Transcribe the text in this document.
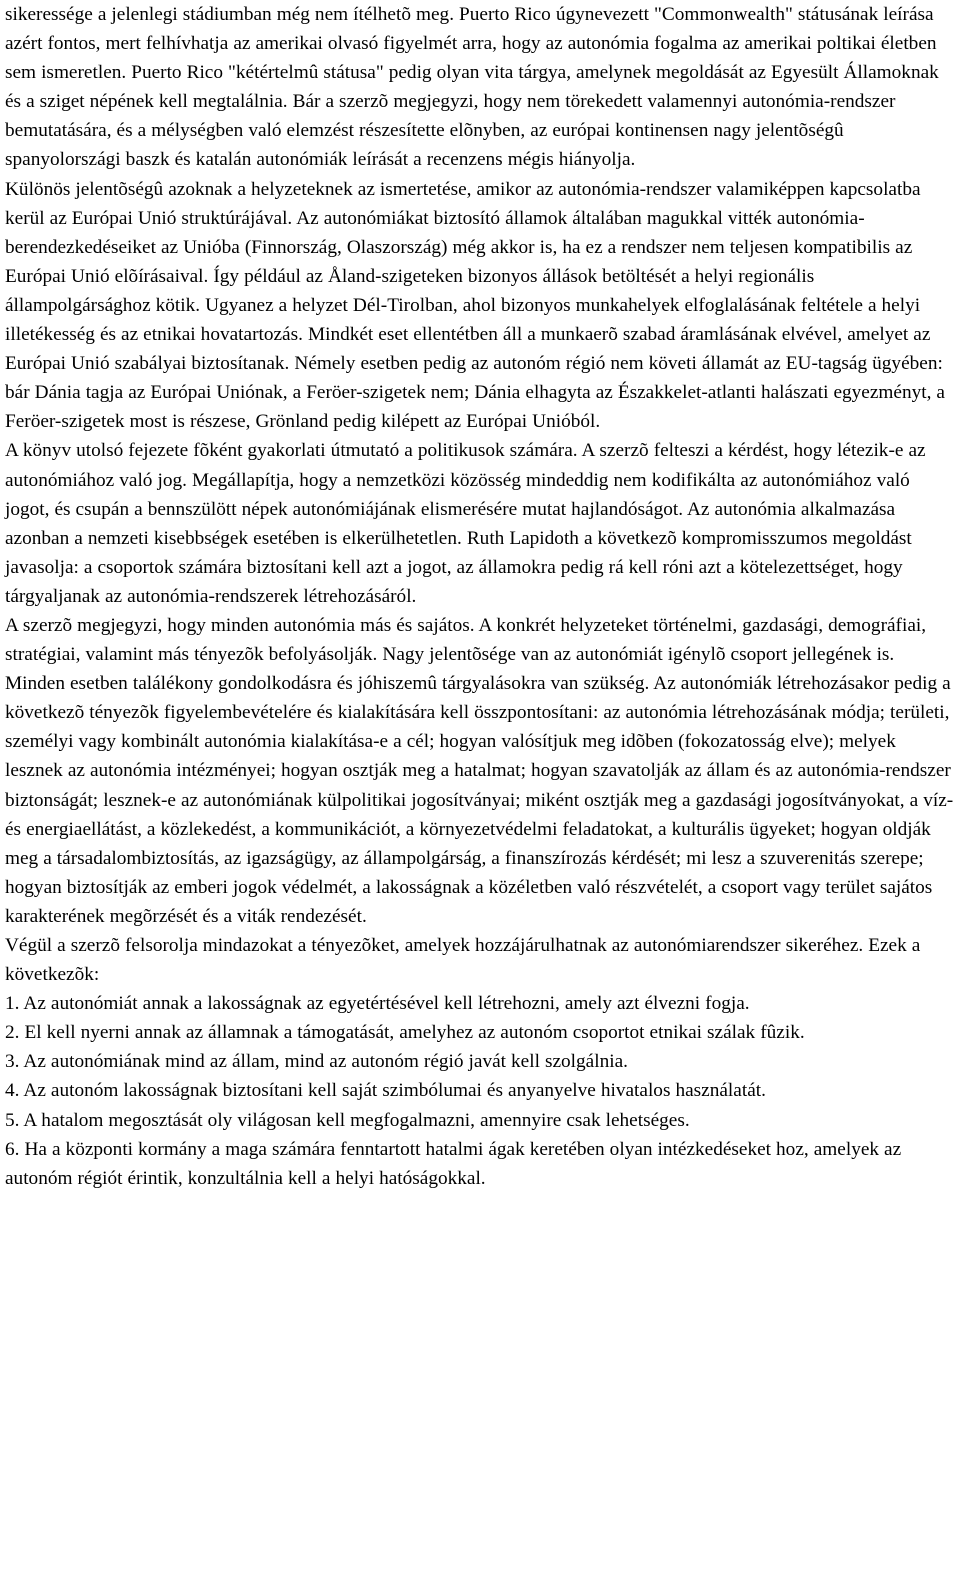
sikeressége a jelenlegi stádiumban még nem ítélhetõ meg. Puerto Rico úgynevezett "Commonwealth" státusának leírása azért fontos, mert felhívhatja az amerikai olvasó figyelmét arra, hogy az autonómia fogalma az amerikai poltikai életben sem ismeretlen. Puerto Rico "kétértelmû státusa" pedig olyan vita tárgya, amelynek megoldását az Egyesült Államoknak és a sziget népének kell megtalálnia. Bár a szerzõ megjegyzi, hogy nem törekedett valamennyi autonómia-rendszer bemutatására, és a mélységben való elemzést részesítette elõnyben, az európai kontinensen nagy jelentõségû spanyolországi baszk és katalán autonómiák leírását a recenzens mégis hiányolja.

Különös jelentõségû azoknak a helyzeteknek az ismertetése, amikor az autonómia-rendszer valamiképpen kapcsolatba kerül az Európai Unió struktúrájával. Az autonómiákat biztosító államok általában magukkal vitték autonómia-berendezkedéseiket az Unióba (Finnország, Olaszország) még akkor is, ha ez a rendszer nem teljesen kompatibilis az Európai Unió elõírásaival. Így például az Åland-szigeteken bizonyos állások betöltését a helyi regionális állampolgársághoz kötik. Ugyanez a helyzet Dél-Tirolban, ahol bizonyos munkahelyek elfoglalásának feltétele a helyi illetékesség és az etnikai hovatartozás. Mindkét eset ellentétben áll a munkaerõ szabad áramlásának elvével, amelyet az Európai Unió szabályai biztosítanak. Némely esetben pedig az autonóm régió nem követi államát az EU-tagság ügyében: bár Dánia tagja az Európai Uniónak, a Feröer-szigetek nem; Dánia elhagyta az Északkelet-atlanti halászati egyezményt, a Feröer-szigetek most is részese, Grönland pedig kilépett az Európai Unióból.

A könyv utolsó fejezete fõként gyakorlati útmutató a politikusok számára. A szerzõ felteszi a kérdést, hogy létezik-e az autonómiához való jog. Megállapítja, hogy a nemzetközi közösség mindeddig nem kodifikálta az autonómiához való jogot, és csupán a bennszülött népek autonómiájának elismerésére mutat hajlandóságot. Az autonómia alkalmazása azonban a nemzeti kisebbségek esetében is elkerülhetetlen. Ruth Lapidoth a következõ kompromisszumos megoldást javasolja: a csoportok számára biztosítani kell azt a jogot, az államokra pedig rá kell róni azt a kötelezettséget, hogy tárgyaljanak az autonómia-rendszerek létrehozásáról.

A szerzõ megjegyzi, hogy minden autonómia más és sajátos. A konkrét helyzeteket történelmi, gazdasági, demográfiai, stratégiai, valamint más tényezõk befolyásolják. Nagy jelentõsége van az autonómiát igénylõ csoport jellegének is. Minden esetben találékony gondolkodásra és jóhiszemû tárgyalásokra van szükség. Az autonómiák létrehozásakor pedig a következõ tényezõk figyelembevételére és kialakítására kell összpontosítani: az autonómia létrehozásának módja; területi, személyi vagy kombinált autonómia kialakítása-e a cél; hogyan valósítjuk meg idõben (fokozatosság elve); melyek lesznek az autonómia intézményei; hogyan osztják meg a hatalmat; hogyan szavatolják az állam és az autonómia-rendszer biztonságát; lesznek-e az autonómiának külpolitikai jogosítványai; miként osztják meg a gazdasági jogosítványokat, a víz- és energiaellátást, a közlekedést, a kommunikációt, a környezetvédelmi feladatokat, a kulturális ügyeket; hogyan oldják meg a társadalombiztosítás, az igazságügy, az állampolgárság, a finanszírozás kérdését; mi lesz a szuverenitás szerepe; hogyan biztosítják az emberi jogok védelmét, a lakosságnak a közéletben való részvételét, a csoport vagy terület sajátos karakterének megõrzését és a viták rendezését.

Végül a szerzõ felsorolja mindazokat a tényezõket, amelyek hozzájárulhatnak az autonómiarendszer sikeréhez. Ezek a következõk:

1. Az autonómiát annak a lakosságnak az egyetértésével kell létrehozni, amely azt élvezni fogja.

2. El kell nyerni annak az államnak a támogatását, amelyhez az autonóm csoportot etnikai szálak fûzik.

3. Az autonómiának mind az állam, mind az autonóm régió javát kell szolgálnia.

4. Az autonóm lakosságnak biztosítani kell saját szimbólumai és anyanyelve hivatalos használatát.

5. A hatalom megosztását oly világosan kell megfogalmazni, amennyire csak lehetséges.

6. Ha a központi kormány a maga számára fenntartott hatalmi ágak keretében olyan intézkedéseket hoz, amelyek az autonóm régiót érintik, konzultálnia kell a helyi hatóságokkal.
